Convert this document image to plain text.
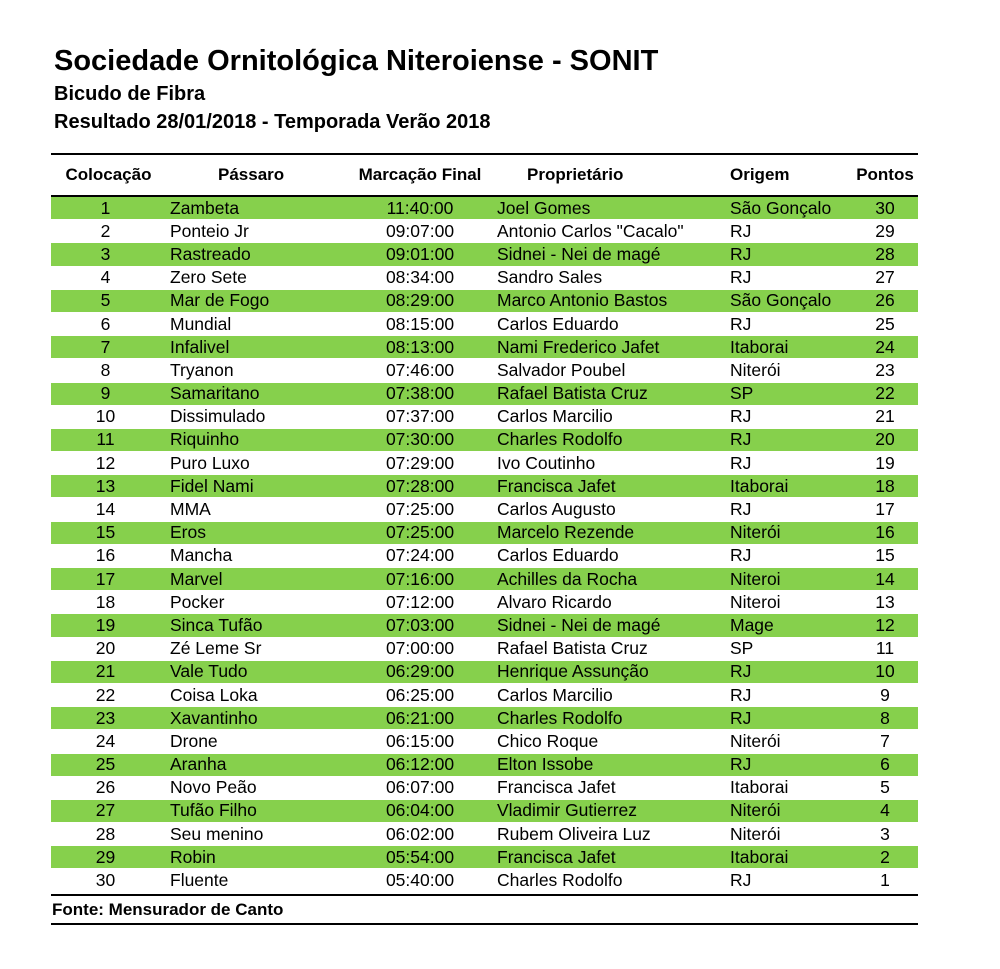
Sociedade Ornitológica Niteroiense - SONIT
Bicudo de Fibra
Resultado 28/01/2018 - Temporada Verão 2018
Colocação	Pássaro	Marcação Final	Proprietário	Origem	Pontos
1	Zambeta	11:40:00	Joel Gomes	São Gonçalo	30
2	Ponteio Jr	09:07:00	Antonio Carlos "Cacalo"	RJ	29
3	Rastreado	09:01:00	Sidnei - Nei de magé	RJ	28
4	Zero Sete	08:34:00	Sandro Sales	RJ	27
5	Mar de Fogo	08:29:00	Marco Antonio Bastos	São Gonçalo	26
6	Mundial	08:15:00	Carlos Eduardo	RJ	25
7	Infalivel	08:13:00	Nami Frederico Jafet	Itaborai	24
8	Tryanon	07:46:00	Salvador Poubel	Niterói	23
9	Samaritano	07:38:00	Rafael Batista Cruz	SP	22
10	Dissimulado	07:37:00	Carlos Marcilio	RJ	21
11	Riquinho	07:30:00	Charles Rodolfo	RJ	20
12	Puro Luxo	07:29:00	Ivo Coutinho	RJ	19
13	Fidel Nami	07:28:00	Francisca Jafet	Itaborai	18
14	MMA	07:25:00	Carlos Augusto	RJ	17
15	Eros	07:25:00	Marcelo Rezende	Niterói	16
16	Mancha	07:24:00	Carlos Eduardo	RJ	15
17	Marvel	07:16:00	Achilles da Rocha	Niteroi	14
18	Pocker	07:12:00	Alvaro Ricardo	Niteroi	13
19	Sinca Tufão	07:03:00	Sidnei - Nei de magé	Mage	12
20	Zé Leme Sr	07:00:00	Rafael Batista Cruz	SP	11
21	Vale Tudo	06:29:00	Henrique Assunção	RJ	10
22	Coisa Loka	06:25:00	Carlos Marcilio	RJ	9
23	Xavantinho	06:21:00	Charles Rodolfo	RJ	8
24	Drone	06:15:00	Chico Roque	Niterói	7
25	Aranha	06:12:00	Elton Issobe	RJ	6
26	Novo Peão	06:07:00	Francisca Jafet	Itaborai	5
27	Tufão Filho	06:04:00	Vladimir Gutierrez	Niterói	4
28	Seu menino	06:02:00	Rubem Oliveira Luz	Niterói	3
29	Robin	05:54:00	Francisca Jafet	Itaborai	2
30	Fluente	05:40:00	Charles Rodolfo	RJ	1
Fonte: Mensurador de Canto
